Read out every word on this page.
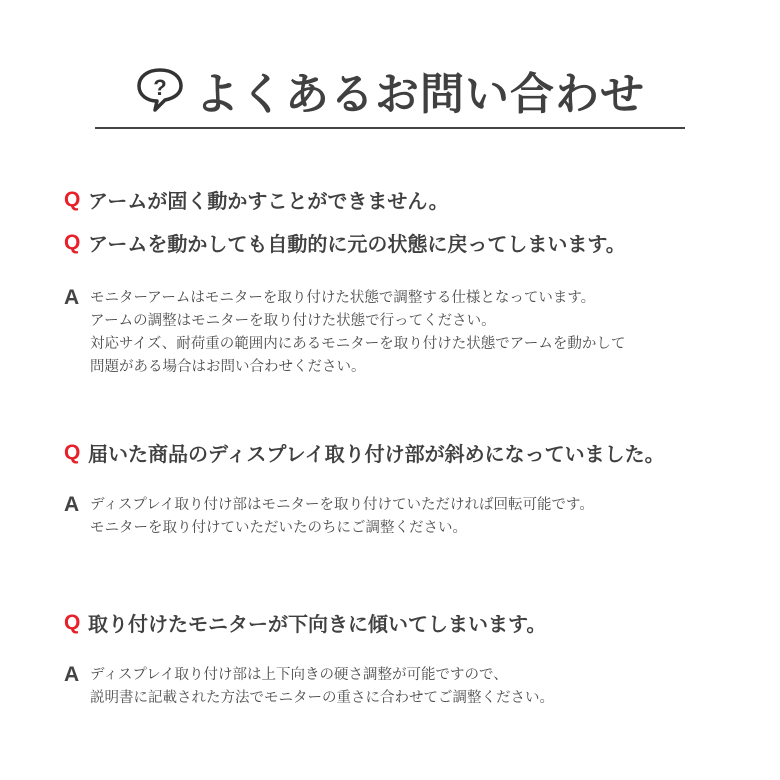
? よくあるお問い合わせ
Q アームが固く動かすことができません。
Q アームを動かしても自動的に元の状態に戻ってしまいます。
A モニターアームはモニターを取り付けた状態で調整する仕様となっています。
アームの調整はモニターを取り付けた状態で行ってください。
対応サイズ、耐荷重の範囲内にあるモニターを取り付けた状態でアームを動かして
問題がある場合はお問い合わせください。
Q 届いた商品のディスプレイ取り付け部が斜めになっていました。
A ディスプレイ取り付け部はモニターを取り付けていただければ回転可能です。
モニターを取り付けていただいたのちにご調整ください。
Q 取り付けたモニターが下向きに傾いてしまいます。
A ディスプレイ取り付け部は上下向きの硬さ調整が可能ですので、
説明書に記載された方法でモニターの重さに合わせてご調整ください。
